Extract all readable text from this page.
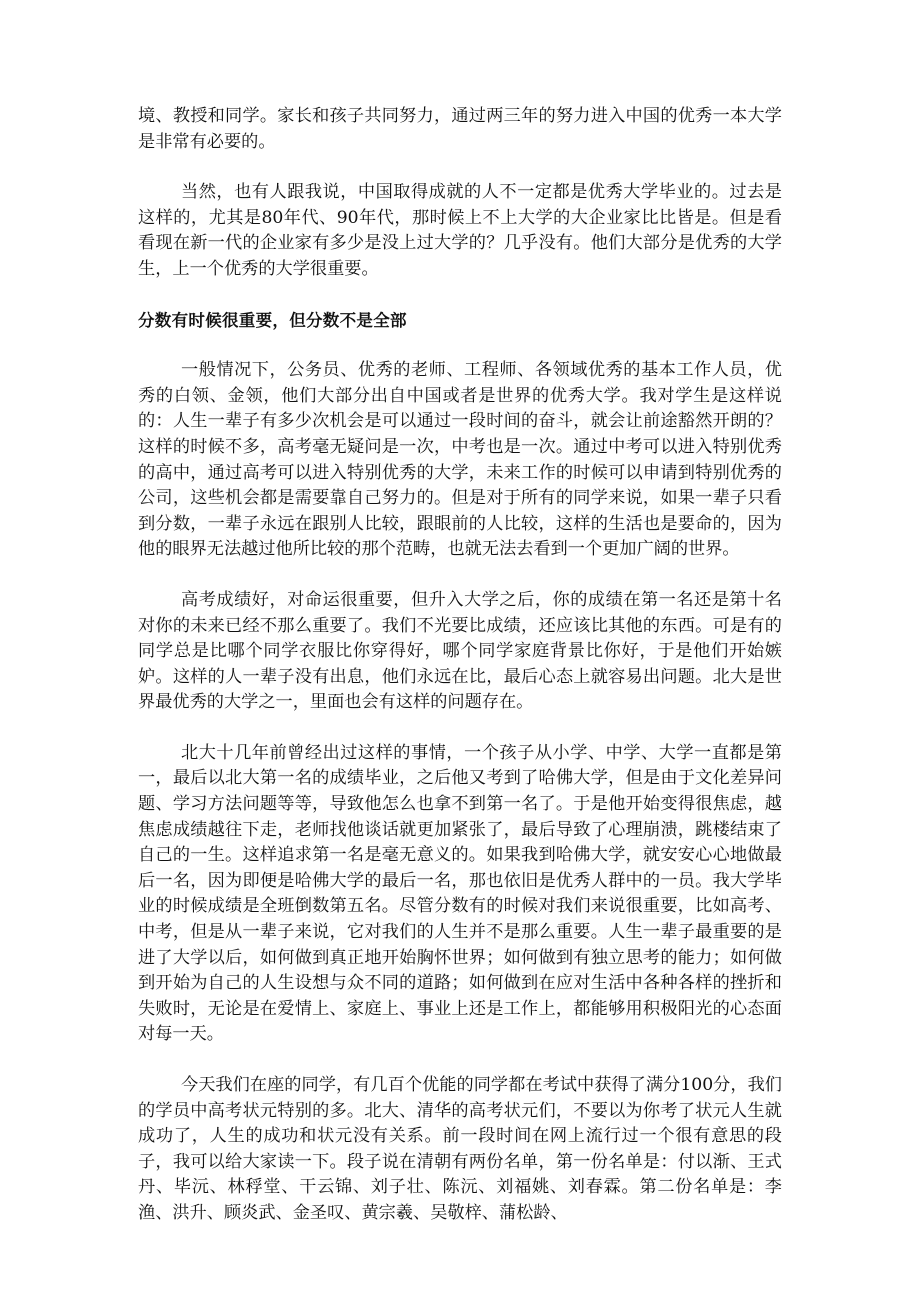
境、教授和同学。家长和孩子共同努力，通过两三年的努力进入中国的优秀一本大学是非常有必要的。

当然，也有人跟我说，中国取得成就的人不一定都是优秀大学毕业的。过去是这样的，尤其是80年代、90年代，那时候上不上大学的大企业家比比皆是。但是看看现在新一代的企业家有多少是没上过大学的？几乎没有。他们大部分是优秀的大学生，上一个优秀的大学很重要。

分数有时候很重要，但分数不是全部

一般情况下，公务员、优秀的老师、工程师、各领域优秀的基本工作人员，优秀的白领、金领，他们大部分出自中国或者是世界的优秀大学。我对学生是这样说的：人生一辈子有多少次机会是可以通过一段时间的奋斗，就会让前途豁然开朗的？这样的时候不多，高考毫无疑问是一次，中考也是一次。通过中考可以进入特别优秀的高中，通过高考可以进入特别优秀的大学，未来工作的时候可以申请到特别优秀的公司，这些机会都是需要靠自己努力的。但是对于所有的同学来说，如果一辈子只看到分数，一辈子永远在跟别人比较，跟眼前的人比较，这样的生活也是要命的，因为他的眼界无法越过他所比较的那个范畴，也就无法去看到一个更加广阔的世界。

高考成绩好，对命运很重要，但升入大学之后，你的成绩在第一名还是第十名对你的未来已经不那么重要了。我们不光要比成绩，还应该比其他的东西。可是有的同学总是比哪个同学衣服比你穿得好，哪个同学家庭背景比你好，于是他们开始嫉妒。这样的人一辈子没有出息，他们永远在比，最后心态上就容易出问题。北大是世界最优秀的大学之一，里面也会有这样的问题存在。

北大十几年前曾经出过这样的事情，一个孩子从小学、中学、大学一直都是第一，最后以北大第一名的成绩毕业，之后他又考到了哈佛大学，但是由于文化差异问题、学习方法问题等等，导致他怎么也拿不到第一名了。于是他开始变得很焦虑，越焦虑成绩越往下走，老师找他谈话就更加紧张了，最后导致了心理崩溃，跳楼结束了自己的一生。这样追求第一名是毫无意义的。如果我到哈佛大学，就安安心心地做最后一名，因为即便是哈佛大学的最后一名，那也依旧是优秀人群中的一员。我大学毕业的时候成绩是全班倒数第五名。尽管分数有的时候对我们来说很重要，比如高考、中考，但是从一辈子来说，它对我们的人生并不是那么重要。人生一辈子最重要的是进了大学以后，如何做到真正地开始胸怀世界；如何做到有独立思考的能力；如何做到开始为自己的人生设想与众不同的道路；如何做到在应对生活中各种各样的挫折和失败时，无论是在爱情上、家庭上、事业上还是工作上，都能够用积极阳光的心态面对每一天。

今天我们在座的同学，有几百个优能的同学都在考试中获得了满分100分，我们的学员中高考状元特别的多。北大、清华的高考状元们，不要以为你考了状元人生就成功了，人生的成功和状元没有关系。前一段时间在网上流行过一个很有意思的段子，我可以给大家读一下。段子说在清朝有两份名单，第一份名单是：付以渐、王式丹、毕沅、林稃堂、干云锦、刘子壮、陈沅、刘福姚、刘春霖。第二份名单是：李渔、洪升、顾炎武、金圣叹、黄宗羲、吴敬梓、蒲松龄、
